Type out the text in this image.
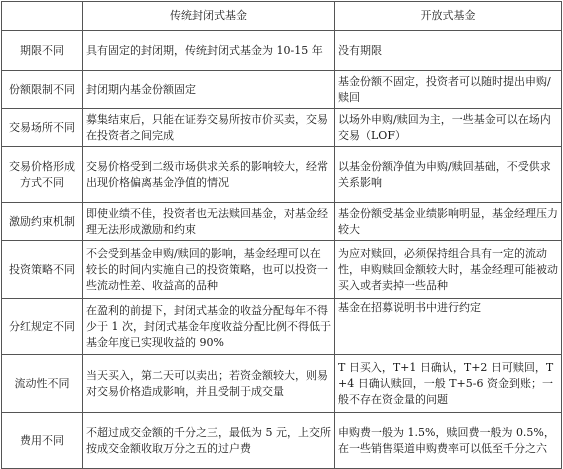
	传统封闭式基金	开放式基金
期限不同	具有固定的封闭期，传统封闭式基金为 10-15 年	没有期限
份额限制不同	封闭期内基金份额固定	基金份额不固定，投资者可以随时提出申购/赎回
交易场所不同	募集结束后，只能在证券交易所按市价买卖，交易在投资者之间完成	以场外申购/赎回为主，一些基金可以在场内交易（LOF）
交易价格形成方式不同	交易价格受到二级市场供求关系的影响较大，经常出现价格偏离基金净值的情况	以基金份额净值为申购/赎回基础，不受供求关系影响
激励约束机制	即使业绩不佳，投资者也无法赎回基金，对基金经理无法形成激励和约束	基金份额受基金业绩影响明显，基金经理压力较大
投资策略不同	不会受到基金申购/赎回的影响，基金经理可以在较长的时间内实施自己的投资策略，也可以投资一些流动性差、收益高的品种	为应对赎回，必须保持组合具有一定的流动性，申购赎回金额较大时，基金经理可能被动买入或者卖掉一些品种
分红规定不同	在盈利的前提下，封闭式基金的收益分配每年不得少于 1 次，封闭式基金年度收益分配比例不得低于基金年度已实现收益的 90%	基金在招募说明书中进行约定
流动性不同	当天买入，第二天可以卖出；若资金额较大，则易对交易价格造成影响，并且受制于成交量	T 日买入，T+1 日确认，T+2 日可赎回，T+4 日确认赎回，一般 T+5-6 资金到账；一般不存在资金量的问题
费用不同	不超过成交金额的千分之三，最低为 5 元，上交所按成交金额收取万分之五的过户费	申购费一般为 1.5%，赎回费一般为 0.5%，在一些销售渠道申购费率可以低至千分之六
